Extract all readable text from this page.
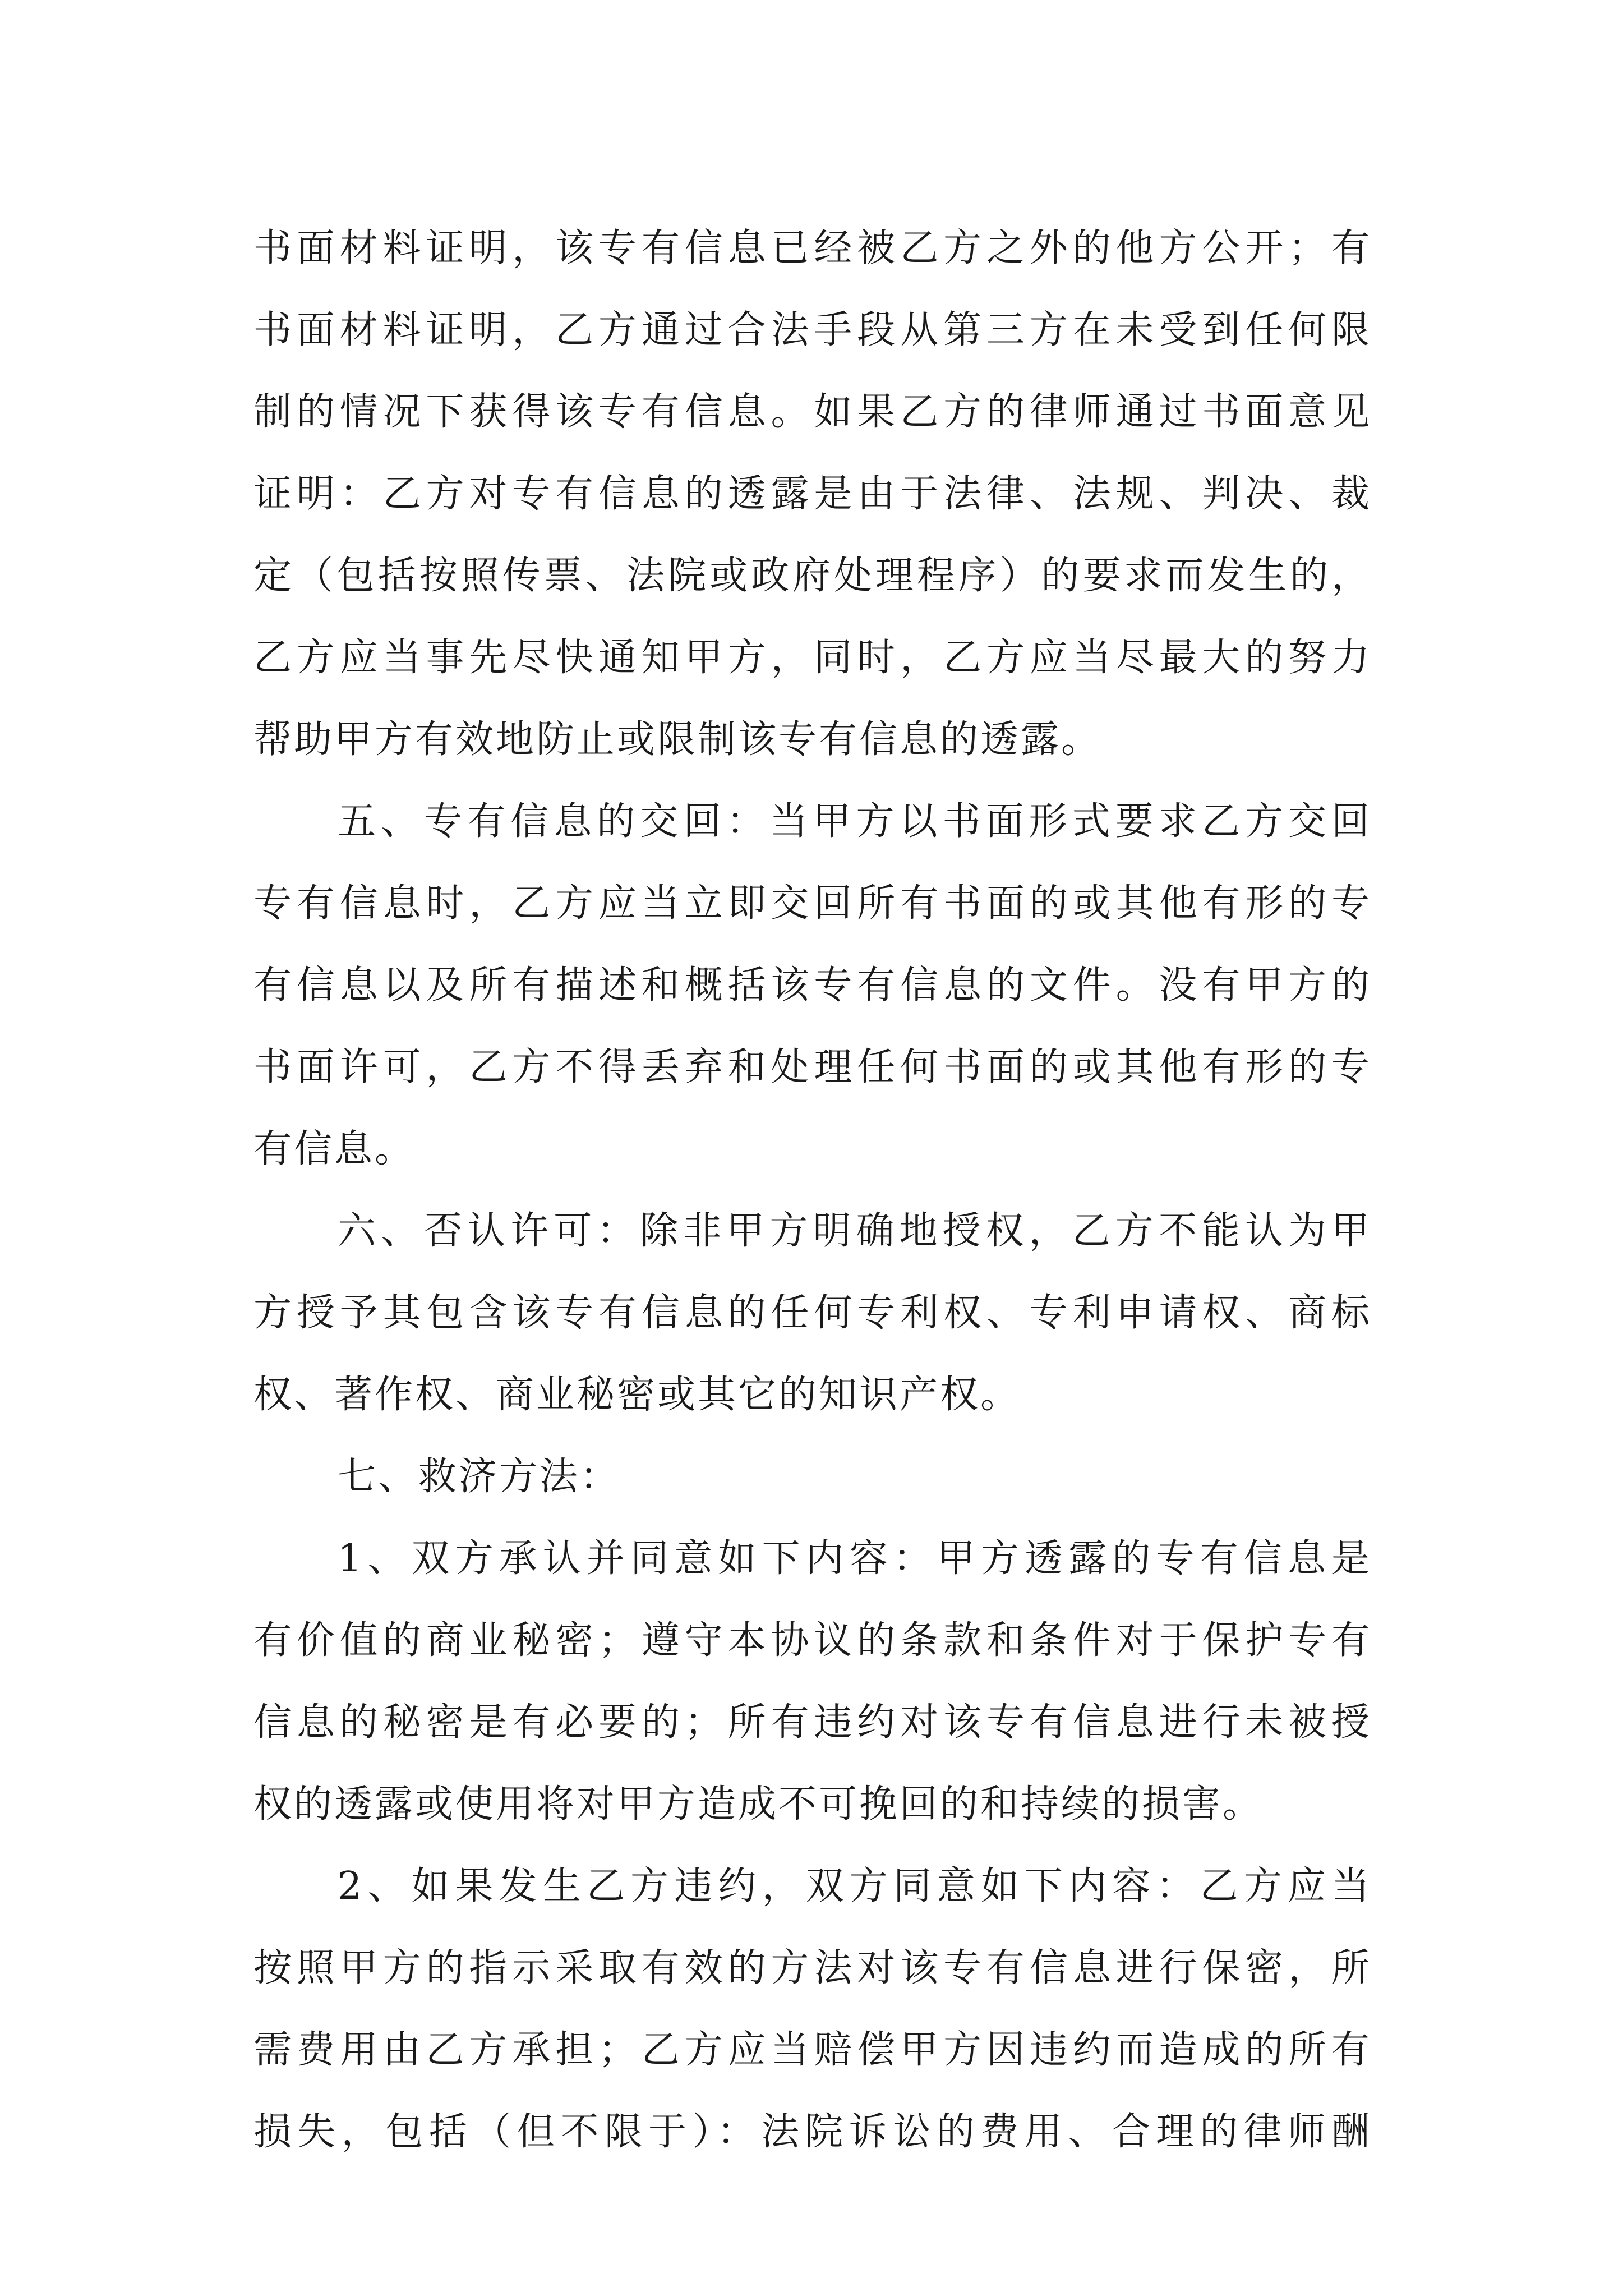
书面材料证明，该专有信息已经被乙方之外的他方公开；有
书面材料证明，乙方通过合法手段从第三方在未受到任何限
制的情况下获得该专有信息。如果乙方的律师通过书面意见
证明：乙方对专有信息的透露是由于法律、法规、判决、裁
定（包括按照传票、法院或政府处理程序）的要求而发生的，
乙方应当事先尽快通知甲方，同时，乙方应当尽最大的努力
帮助甲方有效地防止或限制该专有信息的透露。
五、专有信息的交回：当甲方以书面形式要求乙方交回
专有信息时，乙方应当立即交回所有书面的或其他有形的专
有信息以及所有描述和概括该专有信息的文件。没有甲方的
书面许可，乙方不得丢弃和处理任何书面的或其他有形的专
有信息。
六、否认许可：除非甲方明确地授权，乙方不能认为甲
方授予其包含该专有信息的任何专利权、专利申请权、商标
权、著作权、商业秘密或其它的知识产权。
七、救济方法：
1、双方承认并同意如下内容：甲方透露的专有信息是
有价值的商业秘密；遵守本协议的条款和条件对于保护专有
信息的秘密是有必要的；所有违约对该专有信息进行未被授
权的透露或使用将对甲方造成不可挽回的和持续的损害。
2、如果发生乙方违约，双方同意如下内容：乙方应当
按照甲方的指示采取有效的方法对该专有信息进行保密，所
需费用由乙方承担；乙方应当赔偿甲方因违约而造成的所有
损失，包括（但不限于）：法院诉讼的费用、合理的律师酬
